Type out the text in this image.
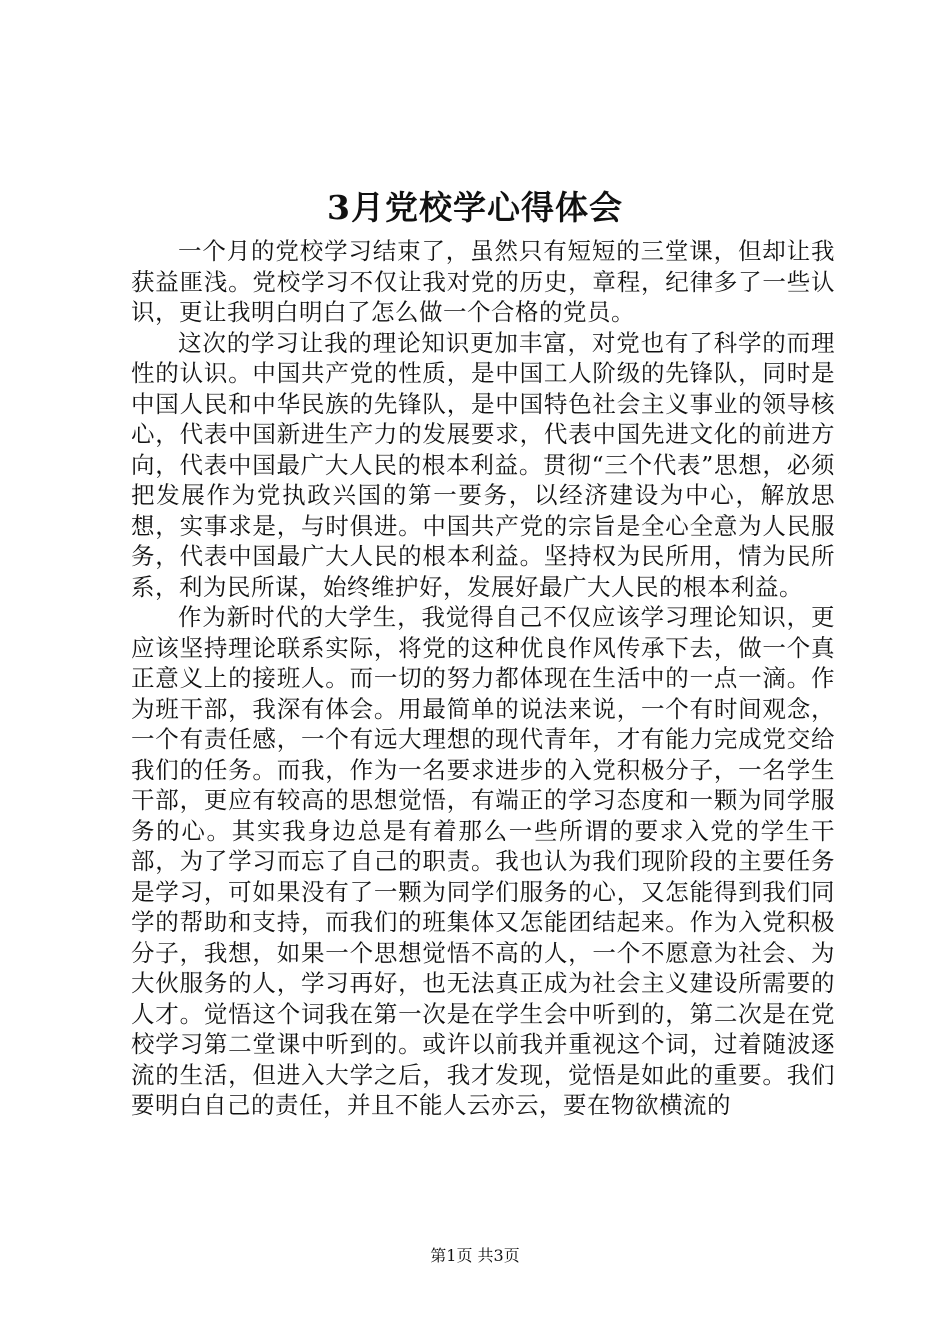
3月党校学心得体会

一个月的党校学习结束了，虽然只有短短的三堂课，但却让我获益匪浅。党校学习不仅让我对党的历史，章程，纪律多了一些认识，更让我明白明白了怎么做一个合格的党员。

这次的学习让我的理论知识更加丰富，对党也有了科学的而理性的认识。中国共产党的性质，是中国工人阶级的先锋队，同时是中国人民和中华民族的先锋队，是中国特色社会主义事业的领导核心，代表中国新进生产力的发展要求，代表中国先进文化的前进方向，代表中国最广大人民的根本利益。贯彻“三个代表”思想，必须把发展作为党执政兴国的第一要务，以经济建设为中心，解放思想，实事求是，与时俱进。中国共产党的宗旨是全心全意为人民服务，代表中国最广大人民的根本利益。坚持权为民所用，情为民所系，利为民所谋，始终维护好，发展好最广大人民的根本利益。

作为新时代的大学生，我觉得自己不仅应该学习理论知识，更应该坚持理论联系实际，将党的这种优良作风传承下去，做一个真正意义上的接班人。而一切的努力都体现在生活中的一点一滴。作为班干部，我深有体会。用最简单的说法来说，一个有时间观念，一个有责任感，一个有远大理想的现代青年，才有能力完成党交给我们的任务。而我，作为一名要求进步的入党积极分子，一名学生干部，更应有较高的思想觉悟，有端正的学习态度和一颗为同学服务的心。其实我身边总是有着那么一些所谓的要求入党的学生干部，为了学习而忘了自己的职责。我也认为我们现阶段的主要任务是学习，可如果没有了一颗为同学们服务的心，又怎能得到我们同学的帮助和支持，而我们的班集体又怎能团结起来。作为入党积极分子，我想，如果一个思想觉悟不高的人，一个不愿意为社会、为大伙服务的人，学习再好，也无法真正成为社会主义建设所需要的人才。觉悟这个词我在第一次是在学生会中听到的，第二次是在党校学习第二堂课中听到的。或许以前我并重视这个词，过着随波逐流的生活，但进入大学之后，我才发现，觉悟是如此的重要。我们要明白自己的责任，并且不能人云亦云，要在物欲横流的

第1页 共3页
